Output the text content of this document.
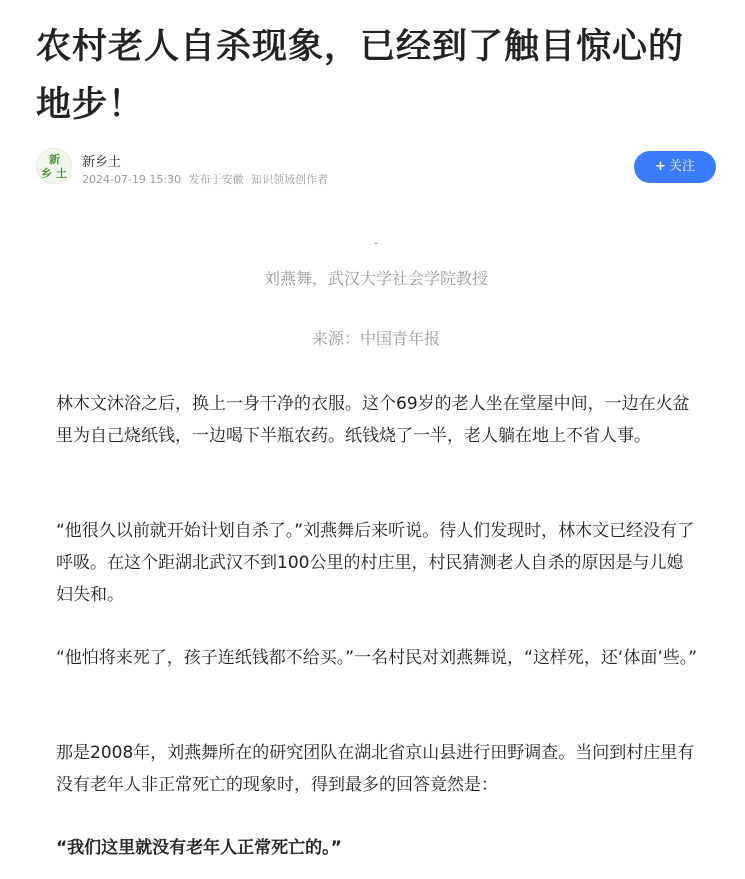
农村老人自杀现象，已经到了触目惊心的地步！
新
乡 土
新乡土
2024-07-19 15:30 发布于安徽 知识领域创作者
+ 关注
-
刘燕舞，武汉大学社会学院教授
来源：中国青年报

林木文沐浴之后，换上一身干净的衣服。这个69岁的老人坐在堂屋中间，一边在火盆里为自己烧纸钱，一边喝下半瓶农药。纸钱烧了一半，老人躺在地上不省人事。

“他很久以前就开始计划自杀了。”刘燕舞后来听说。待人们发现时，林木文已经没有了呼吸。在这个距湖北武汉不到100公里的村庄里，村民猜测老人自杀的原因是与儿媳妇失和。

“他怕将来死了，孩子连纸钱都不给买。”一名村民对刘燕舞说，“这样死，还‘体面’些。”

那是2008年，刘燕舞所在的研究团队在湖北省京山县进行田野调查。当问到村庄里有没有老年人非正常死亡的现象时，得到最多的回答竟然是：

“我们这里就没有老年人正常死亡的。”
